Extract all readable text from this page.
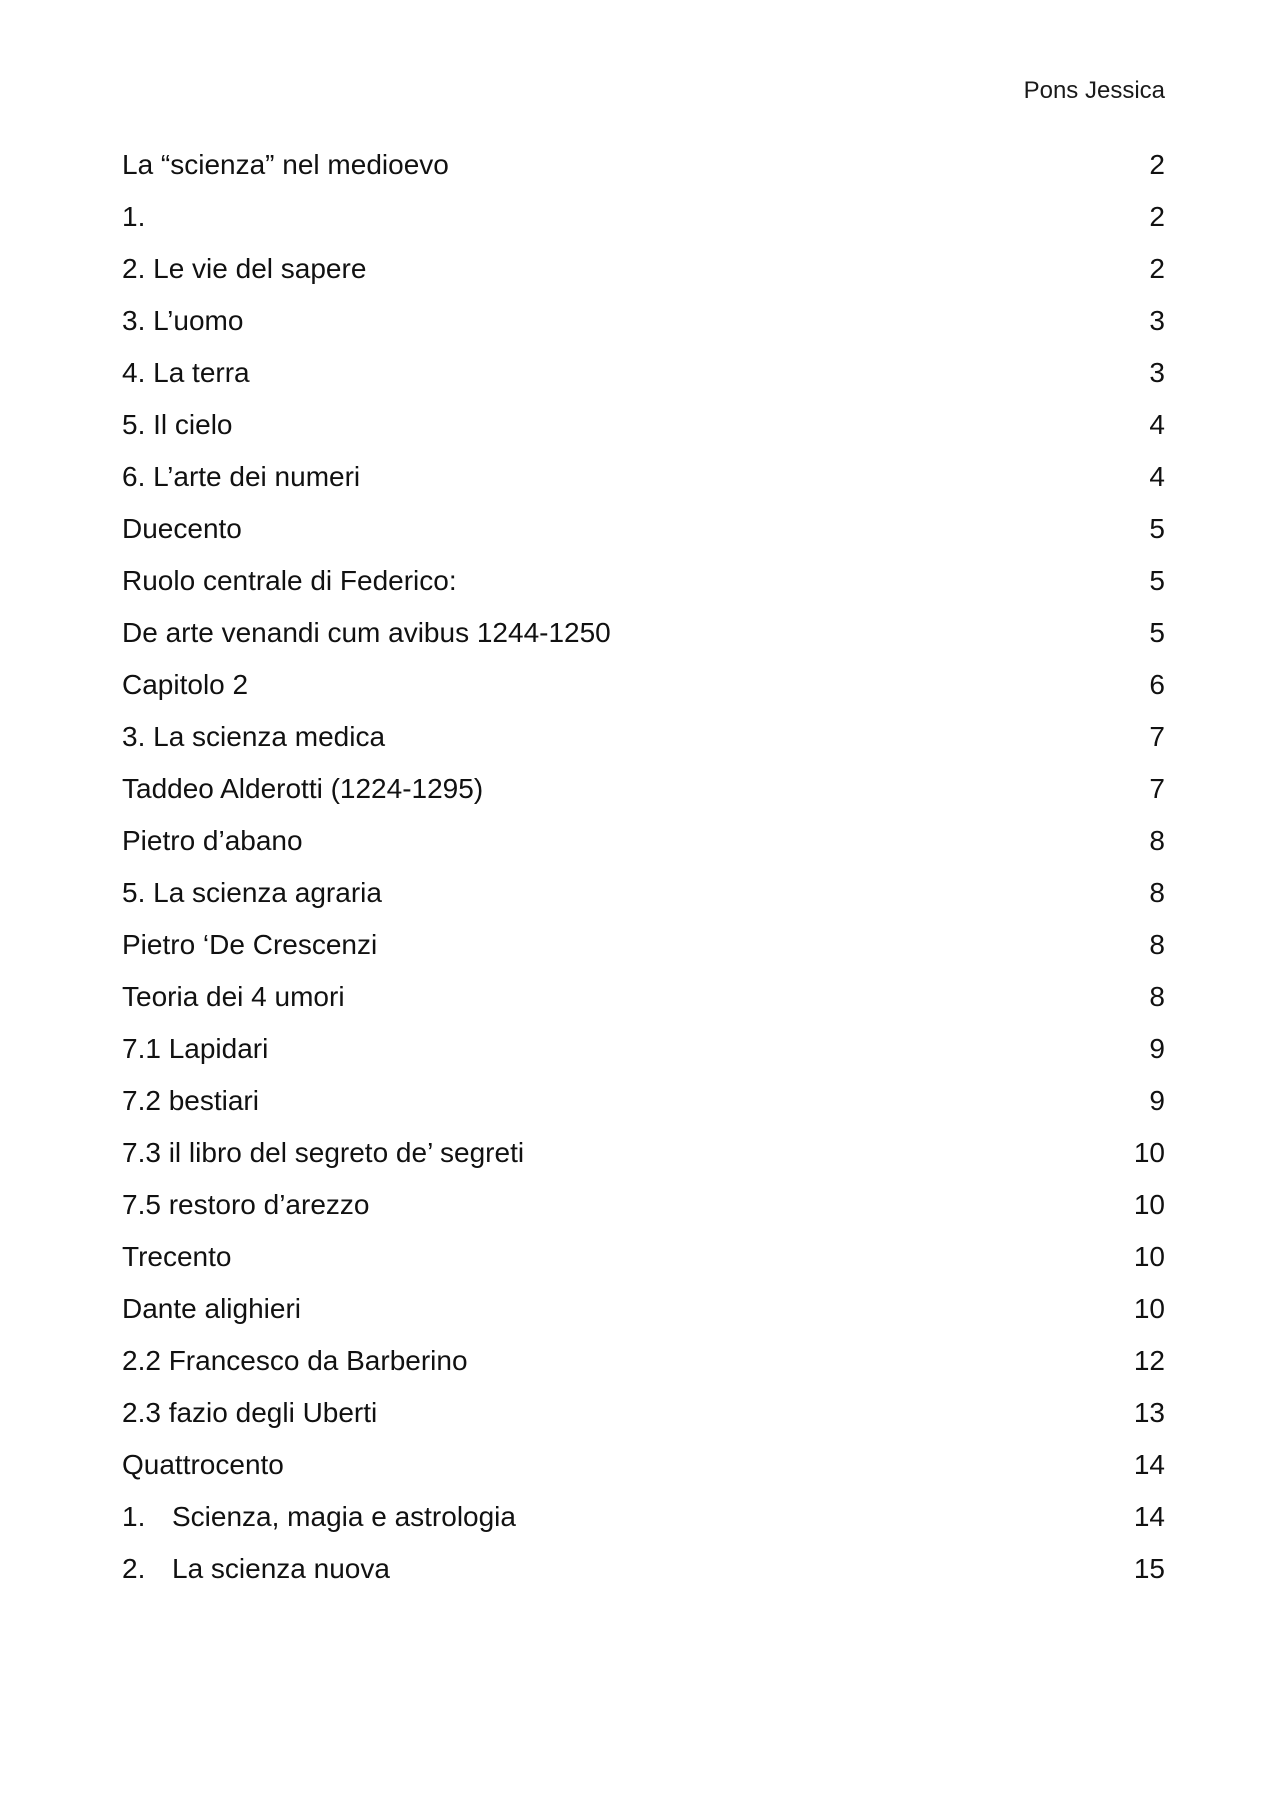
Pons Jessica
La “scienza” nel medioevo	2
1.	2
2. Le vie del sapere	2
3. L’uomo	3
4. La terra	3
5. Il cielo	4
6. L’arte dei numeri	4
Duecento	5
Ruolo centrale di Federico:	5
De arte venandi cum avibus 1244-1250	5
Capitolo 2	6
3. La scienza medica	7
Taddeo Alderotti (1224-1295)	7
Pietro d’abano	8
5. La scienza agraria	8
Pietro ‘De Crescenzi	8
Teoria dei 4 umori	8
7.1 Lapidari	9
7.2 bestiari	9
7.3 il libro del segreto de’ segreti	10
7.5 restoro d’arezzo	10
Trecento	10
Dante alighieri	10
2.2 Francesco da Barberino	12
2.3 fazio degli Uberti	13
Quattrocento	14
1. Scienza, magia e astrologia	14
2. La scienza nuova	15
